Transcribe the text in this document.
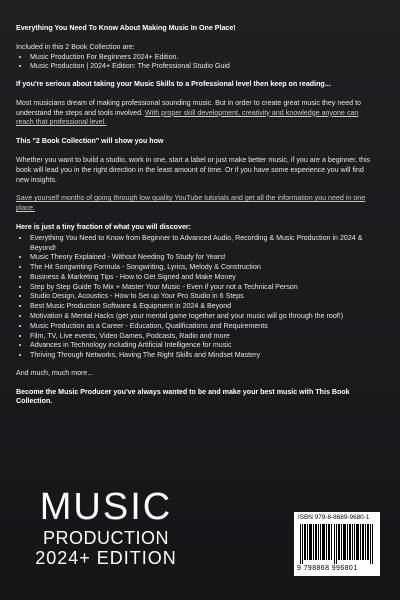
Everything You Need To Know About Making Music In One Place!

Included in this 2 Book Collection are:

• Music Production For Beginners 2024+ Edition.
• Music Production | 2024+ Edition: The Professional Studio Guid

If you're serious about taking your Music Skills to a Professional level then keep on reading...

Most musicians dream of making professional sounding music. But in order to create great music they need to understand the steps and tools involved. With proper skill development, creativity and knowledge anyone can reach that professional level.

This "2 Book Collection" will show you how

Whether you want to build a studio, work in one, start a label or just make better music, if you are a beginner, this book will lead you in the right direction in the least amount of time. Or if you have some experience you will find new insights.

Save yourself months of going through low quality YouTube tutorials and get all the information you need in one place.

Here is just a tiny fraction of what you will discover:

• Everything You Need to Know from Beginner to Advanced Audio, Recording & Music Production in 2024 & Beyond!
• Music Theory Explained - Without Needing To Study for Years!
• The Hit Songwriting Formula - Songwriting, Lyrics, Melody & Construction
• Business & Marketing Tips - How to Get Signed and Make Money
• Step by Step Guide To Mix + Master Your Music - Even if your not a Technical Person
• Studio Design, Acoustics - How to Set up Your Pro Studio in 6 Steps
• Best Music Production Software & Equipment in 2024 & Beyond
• Motivation & Mental Hacks (get your mental game together and your music will go through the roof!)
• Music Production as a Career - Education, Qualifications and Requirements
• Film, TV, Live events, Video Games, Podcasts, Radio and more
• Advances in Technology including Artificial Intelligence for music
• Thriving Through Networks, Having The Right Skills and Mindset Mastery

And much, much more...

Become the Music Producer you've always wanted to be and make your best music with This Book Collection.

MUSIC
PRODUCTION
2024+ EDITION
ISBN 979-8-8689-9680-1
9 798868 996801
